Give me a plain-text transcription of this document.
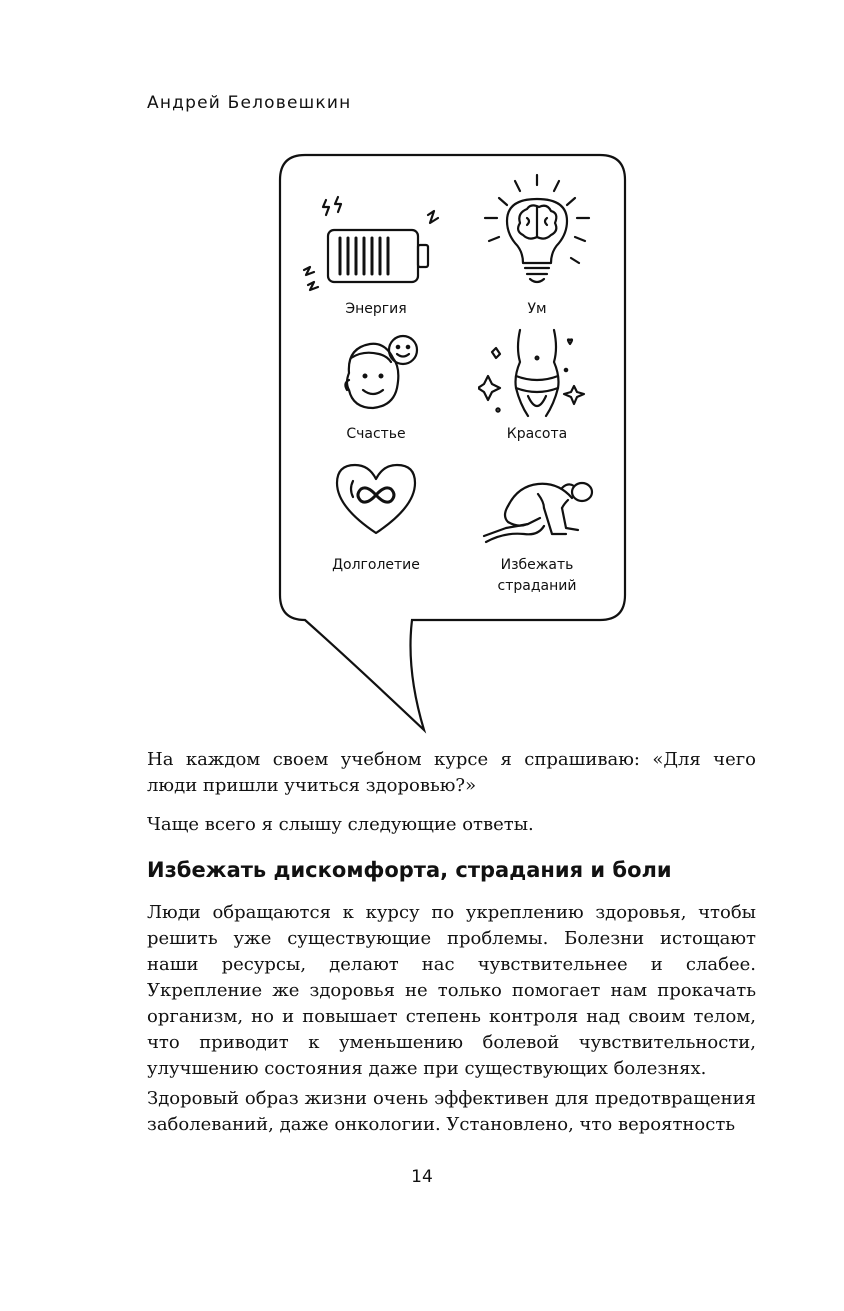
Андрей Беловешкин
Энергия	Ум
Счастье	Красота
Долголетие	Избежать
страданий

На каждом своем учебном курсе я спрашиваю: «Для чего люди пришли учиться здоровью?»

Чаще всего я слышу следующие ответы.

Избежать дискомфорта, страдания и боли

Люди обращаются к курсу по укреплению здоровья, чтобы решить уже существующие проблемы. Болезни истощают наши ресурсы, делают нас чувствительнее и слабее. Укрепление же здоровья не только помогает нам прокачать организм, но и повышает степень контроля над своим телом, что приводит к уменьшению болевой чувствительности, улучшению состояния даже при существующих болезнях.

Здоровый образ жизни очень эффективен для предотвращения заболеваний, даже онкологии. Установлено, что вероятность

14
